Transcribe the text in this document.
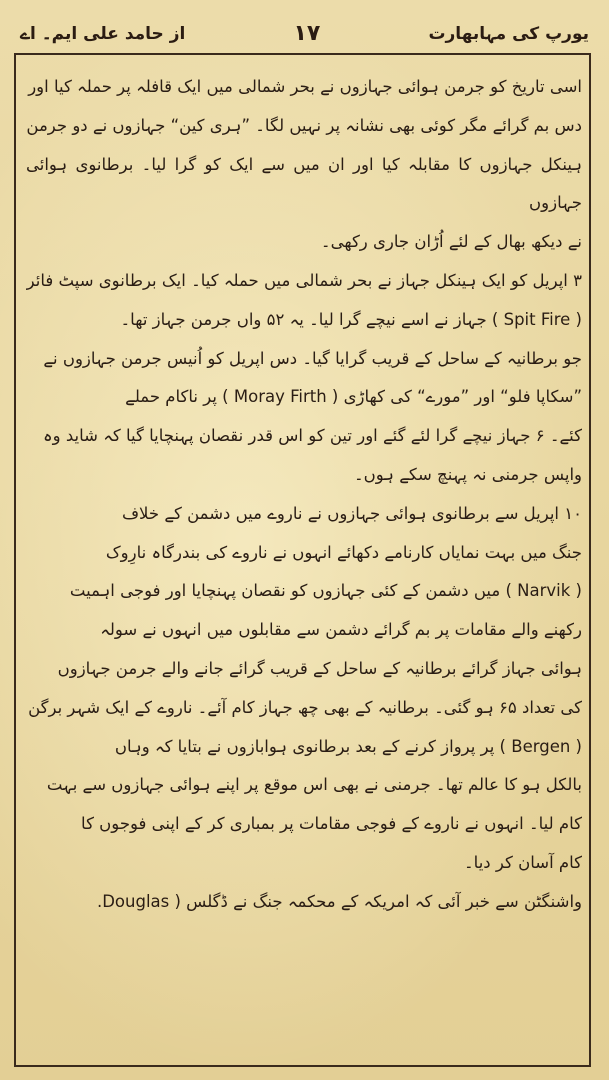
یورپ کی مہابھارت
۱۷
از حامد علی ایم۔ اے

اسی تاریخ کو جرمن ہوائی جہازوں نے بحر شمالی میں ایک قافلہ پر حملہ کیا اور
دس بم گرائے مگر کوئی بھی نشانہ پر نہیں لگا۔ ”ہری کین“ جہازوں نے دو جرمن
ہینکل جہازوں کا مقابلہ کیا اور ان میں سے ایک کو گرا لیا۔ برطانوی ہوائی جہازوں
نے دیکھ بھال کے لئے اُڑان جاری رکھی۔

۳ اپریل کو ایک ہینکل جہاز نے بحر شمالی میں حملہ کیا۔ ایک برطانوی سپٹ فائر
( Spit Fire ) جہاز نے اسے نیچے گرا لیا۔ یہ ۵۲ واں جرمن جہاز تھا۔
جو برطانیہ کے ساحل کے قریب گرایا گیا۔ دس اپریل کو اُنیس جرمن جہازوں نے
”سکاپا فلو“ اور ”مورے“ کی کھاڑی ( Moray Firth ) پر ناکام حملے
کئے۔ ۶ جہاز نیچے گرا لئے گئے اور تین کو اس قدر نقصان پہنچایا گیا کہ شاید وہ
واپس جرمنی نہ پہنچ سکے ہوں۔

۱۰ اپریل سے برطانوی ہوائی جہازوں نے ناروے میں دشمن کے خلاف
جنگ میں بہت نمایاں کارنامے دکھائے انہوں نے ناروے کی بندرگاہ نارِوک
( Narvik ) میں دشمن کے کئی جہازوں کو نقصان پہنچایا اور فوجی اہمیت
رکھنے والے مقامات پر بم گرائے دشمن سے مقابلوں میں انہوں نے سولہ
ہوائی جہاز گرائے برطانیہ کے ساحل کے قریب گرائے جانے والے جرمن جہازوں
کی تعداد ۶۵ ہو گئی۔ برطانیہ کے بھی چھ جہاز کام آئے۔ ناروے کے ایک شہر برگن
( Bergen ) پر پرواز کرنے کے بعد برطانوی ہوابازوں نے بتایا کہ وہاں
بالکل ہو کا عالم تھا۔ جرمنی نے بھی اس موقع پر اپنے ہوائی جہازوں سے بہت
کام لیا۔ انہوں نے ناروے کے فوجی مقامات پر بمباری کر کے اپنی فوجوں کا
کام آسان کر دیا۔

واشنگٹن سے خبر آئی کہ امریکہ کے محکمہ جنگ نے ڈگلس ( Douglas.
